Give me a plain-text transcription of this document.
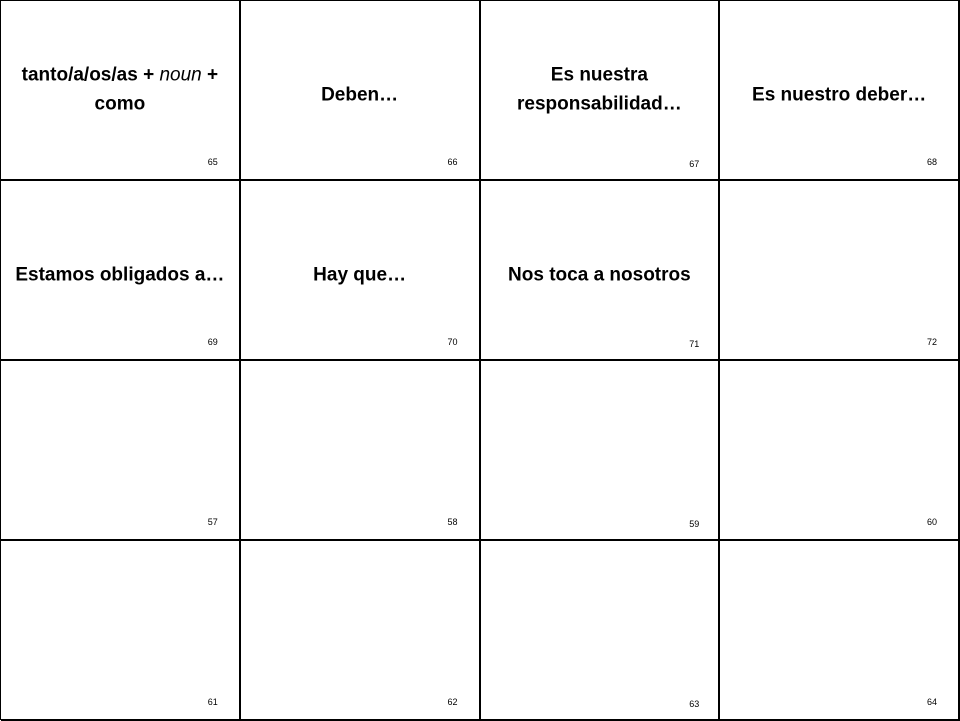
tanto/a/os/as + noun + como
65
Deben…
66
Es nuestra responsabilidad…
67
Es nuestro deber…
68
Estamos obligados a…
69
Hay que…
70
Nos toca a nosotros
71	72
57	58	59	60
61	62	63	64
